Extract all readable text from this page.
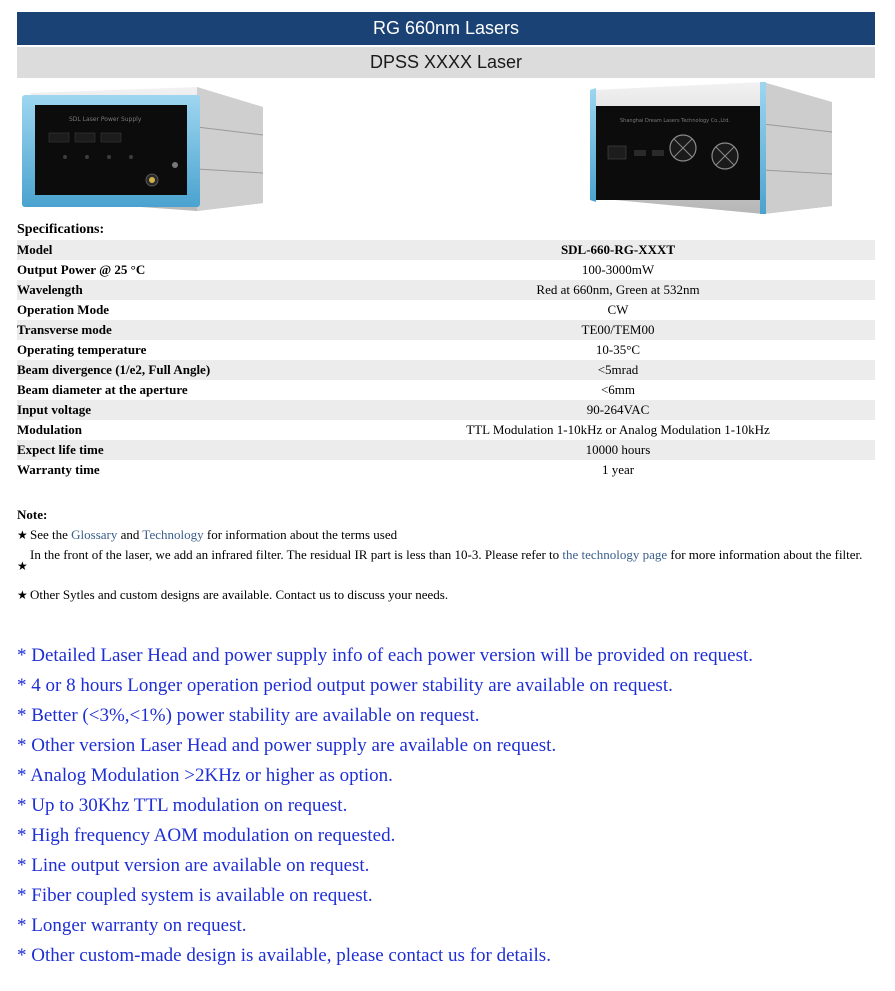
RG 660nm Lasers
DPSS XXXX Laser
SDL Laser Power Supply	Shanghai Dream Lasers Technology Co.,Ltd.
Specifications:
Model	SDL-660-RG-XXXT
Output Power @ 25 °C	100-3000mW
Wavelength	Red at 660nm, Green at 532nm
Operation Mode	CW
Transverse mode	TE00/TEM00
Operating temperature	10-35°C
Beam divergence (1/e2, Full Angle)	<5mrad
Beam diameter at the aperture	<6mm
Input voltage	90-264VAC
Modulation	TTL Modulation 1-10kHz or Analog Modulation 1-10kHz
Expect life time	10000 hours
Warranty time	1 year
Note:
★ See the Glossary and Technology for information about the terms used
★
In the front of the laser, we add an infrared filter. The residual IR part is less than 10-3. Please refer to the technology page for more information about the filter.
★ Other Sytles and custom designs are available. Contact us to discuss your needs.
* Detailed Laser Head and power supply info of each power version will be provided on request.
* 4 or 8 hours Longer operation period output power stability are available on request.
* Better (<3%,<1%) power stability are available on request.
* Other version Laser Head and power supply are available on request.
* Analog Modulation >2KHz or higher as option.
* Up to 30Khz TTL modulation on request.
* High frequency AOM modulation on requested.
* Line output version are available on request.
* Fiber coupled system is available on request.
* Longer warranty on request.
* Other custom-made design is available, please contact us for details.
